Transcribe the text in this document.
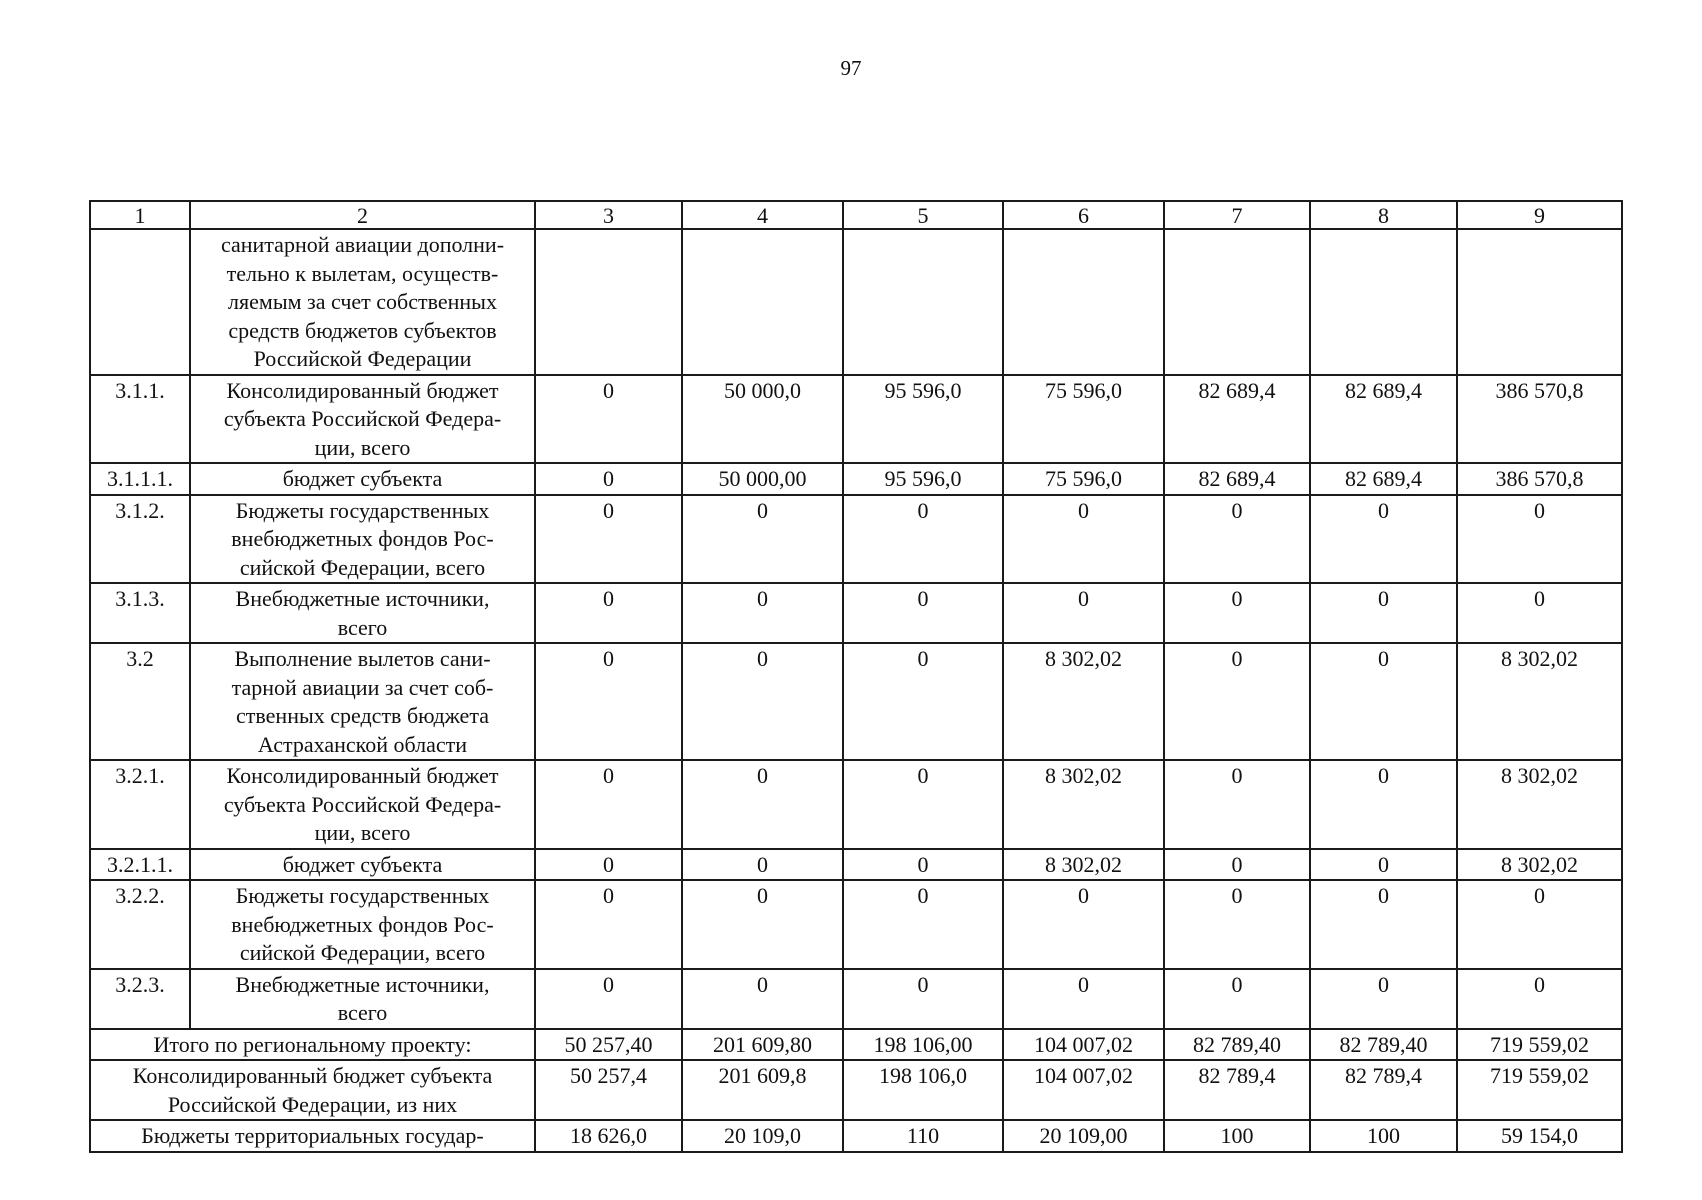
97
1	2	3	4	5	6	7	8	9
	санитарной авиации дополни-
тельно к вылетам, осуществ-
ляемым за счет собственных
средств бюджетов субъектов
Российской Федерации							
3.1.1.	Консолидированный бюджет
субъекта Российской Федера-
ции, всего	0	50 000,0	95 596,0	75 596,0	82 689,4	82 689,4	386 570,8
3.1.1.1.	бюджет субъекта	0	50 000,00	95 596,0	75 596,0	82 689,4	82 689,4	386 570,8
3.1.2.	Бюджеты государственных
внебюджетных фондов Рос-
сийской Федерации, всего	0	0	0	0	0	0	0
3.1.3.	Внебюджетные источники,
всего	0	0	0	0	0	0	0
3.2	Выполнение вылетов сани-
тарной авиации за счет соб-
ственных средств бюджета
Астраханской области	0	0	0	8 302,02	0	0	8 302,02
3.2.1.	Консолидированный бюджет
субъекта Российской Федера-
ции, всего	0	0	0	8 302,02	0	0	8 302,02
3.2.1.1.	бюджет субъекта	0	0	0	8 302,02	0	0	8 302,02
3.2.2.	Бюджеты государственных
внебюджетных фондов Рос-
сийской Федерации, всего	0	0	0	0	0	0	0
3.2.3.	Внебюджетные источники,
всего	0	0	0	0	0	0	0
Итого по региональному проекту:		50 257,40	201 609,80	198 106,00	104 007,02	82 789,40	82 789,40	719 559,02
Консолидированный бюджет субъекта
Российской Федерации, из них		50 257,4	201 609,8	198 106,0	104 007,02	82 789,4	82 789,4	719 559,02
Бюджеты территориальных государ-		18 626,0	20 109,0	110	20 109,00	100	100	59 154,0
